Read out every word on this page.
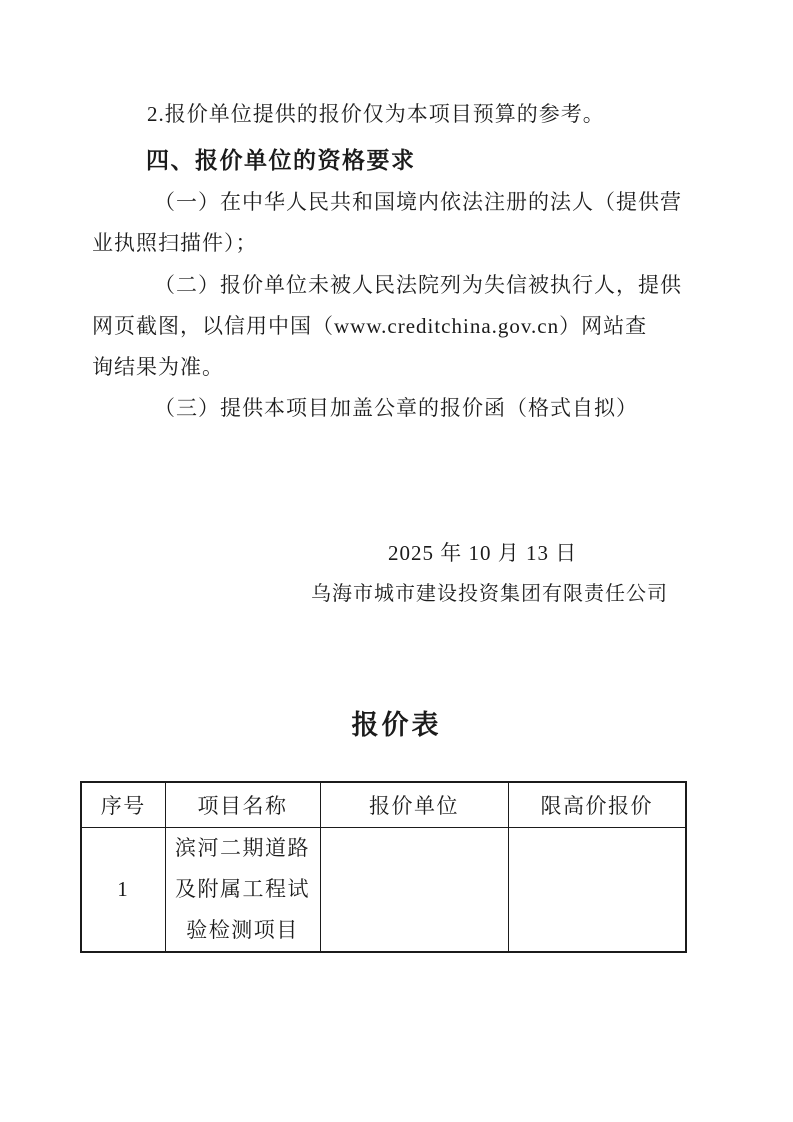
2.报价单位提供的报价仅为本项目预算的参考。
四、报价单位的资格要求
（一）在中华人民共和国境内依法注册的法人（提供营
业执照扫描件）；
（二）报价单位未被人民法院列为失信被执行人，提供
网页截图，以信用中国（www.creditchina.gov.cn）网站查
询结果为准。
（三）提供本项目加盖公章的报价函（格式自拟）
2025 年 10 月 13 日
乌海市城市建设投资集团有限责任公司
报价表
序号	项目名称	报价单位	限高价报价
1	滨河二期道路
及附属工程试
验检测项目		
